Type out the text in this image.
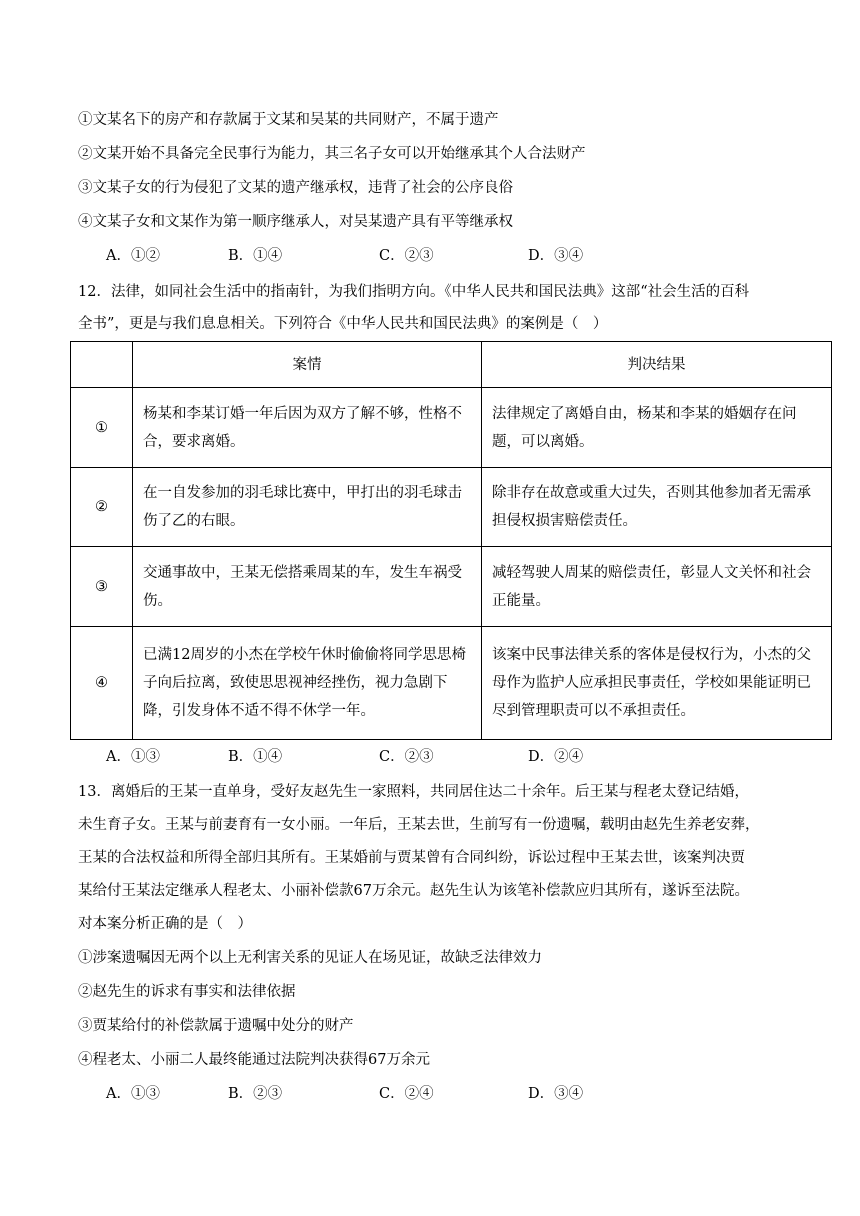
①文某名下的房产和存款属于文某和吴某的共同财产，不属于遗产
②文某开始不具备完全民事行为能力，其三名子女可以开始继承其个人合法财产
③文某子女的行为侵犯了文某的遗产继承权，违背了社会的公序良俗
④文某子女和文某作为第一顺序继承人，对吴某遗产具有平等继承权
A．①②	B．①④	C．②③	D．③④
12．法律，如同社会生活中的指南针，为我们指明方向。《中华人民共和国民法典》这部“社会生活的百科
全书”，更是与我们息息相关。下列符合《中华人民共和国民法典》的案例是（　）
	案情	判决结果
①	杨某和李某订婚一年后因为双方了解不够，性格不合，要求离婚。	法律规定了离婚自由，杨某和李某的婚姻存在问题，可以离婚。
②	在一自发参加的羽毛球比赛中，甲打出的羽毛球击伤了乙的右眼。	除非存在故意或重大过失，否则其他参加者无需承担侵权损害赔偿责任。
③	交通事故中，王某无偿搭乘周某的车，发生车祸受伤。	减轻驾驶人周某的赔偿责任，彰显人文关怀和社会正能量。
④	已满12周岁的小杰在学校午休时偷偷将同学思思椅子向后拉离，致使思思视神经挫伤，视力急剧下降，引发身体不适不得不休学一年。	该案中民事法律关系的客体是侵权行为，小杰的父母作为监护人应承担民事责任，学校如果能证明已尽到管理职责可以不承担责任。
A．①③	B．①④	C．②③	D．②④
13．离婚后的王某一直单身，受好友赵先生一家照料，共同居住达二十余年。后王某与程老太登记结婚，
未生育子女。王某与前妻育有一女小丽。一年后，王某去世，生前写有一份遗嘱，载明由赵先生养老安葬，
王某的合法权益和所得全部归其所有。王某婚前与贾某曾有合同纠纷，诉讼过程中王某去世，该案判决贾
某给付王某法定继承人程老太、小丽补偿款67万余元。赵先生认为该笔补偿款应归其所有，遂诉至法院。
对本案分析正确的是（　）
①涉案遗嘱因无两个以上无利害关系的见证人在场见证，故缺乏法律效力
②赵先生的诉求有事实和法律依据
③贾某给付的补偿款属于遗嘱中处分的财产
④程老太、小丽二人最终能通过法院判决获得67万余元
A．①③	B．②③	C．②④	D．③④
